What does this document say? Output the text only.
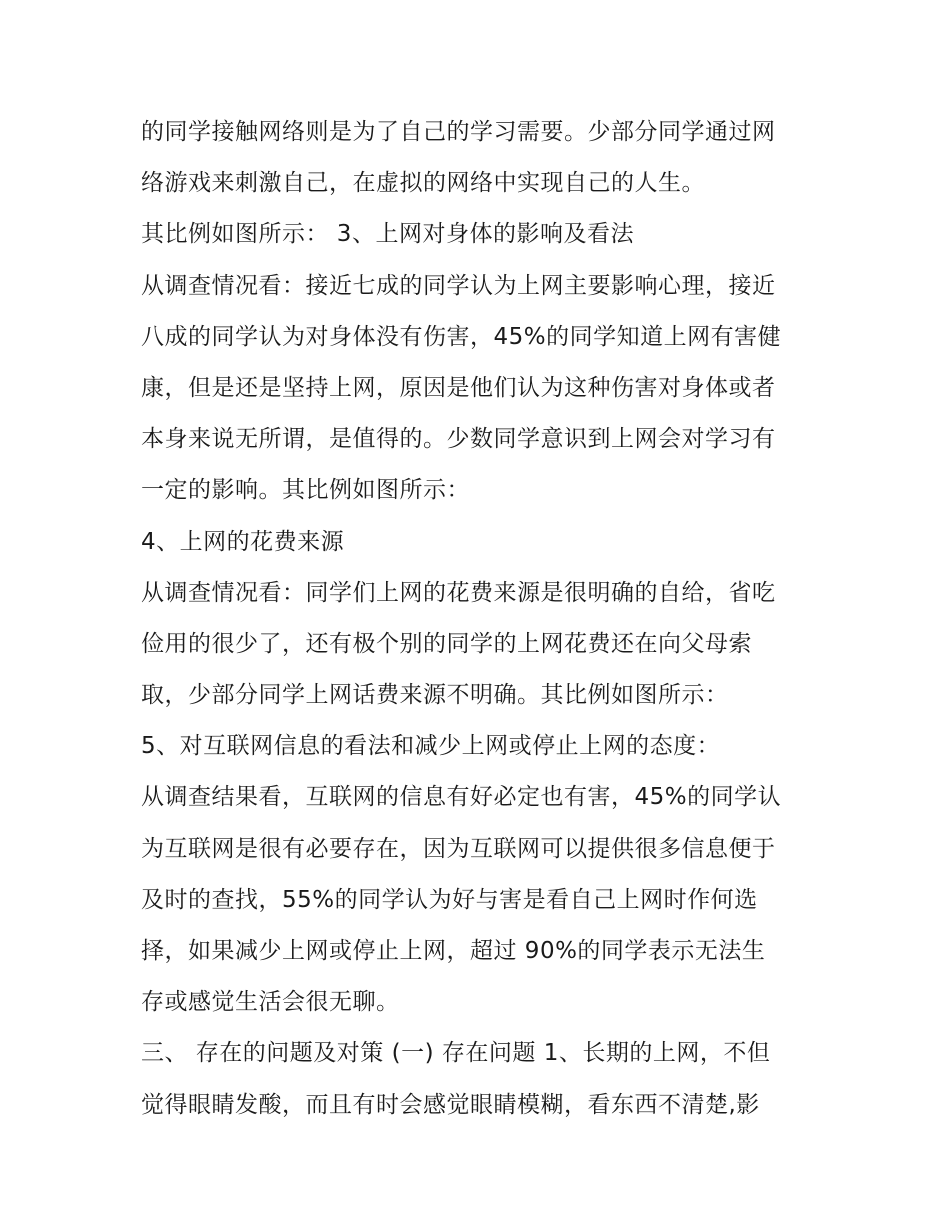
的同学接触网络则是为了自己的学习需要。少部分同学通过网
络游戏来刺激自己，在虚拟的网络中实现自己的人生。
其比例如图所示： 3、上网对身体的影响及看法
从调查情况看：接近七成的同学认为上网主要影响心理，接近
八成的同学认为对身体没有伤害，45%的同学知道上网有害健
康，但是还是坚持上网，原因是他们认为这种伤害对身体或者
本身来说无所谓，是值得的。少数同学意识到上网会对学习有
一定的影响。其比例如图所示：
4、上网的花费来源
从调查情况看：同学们上网的花费来源是很明确的自给，省吃
俭用的很少了，还有极个别的同学的上网花费还在向父母索
取，少部分同学上网话费来源不明确。其比例如图所示：
5、对互联网信息的看法和减少上网或停止上网的态度：
从调查结果看，互联网的信息有好必定也有害，45%的同学认
为互联网是很有必要存在，因为互联网可以提供很多信息便于
及时的查找，55%的同学认为好与害是看自己上网时作何选
择，如果减少上网或停止上网，超过 90%的同学表示无法生
存或感觉生活会很无聊。
三、 存在的问题及对策 (一) 存在问题 1、长期的上网，不但
觉得眼睛发酸，而且有时会感觉眼睛模糊，看东西不清楚,影
